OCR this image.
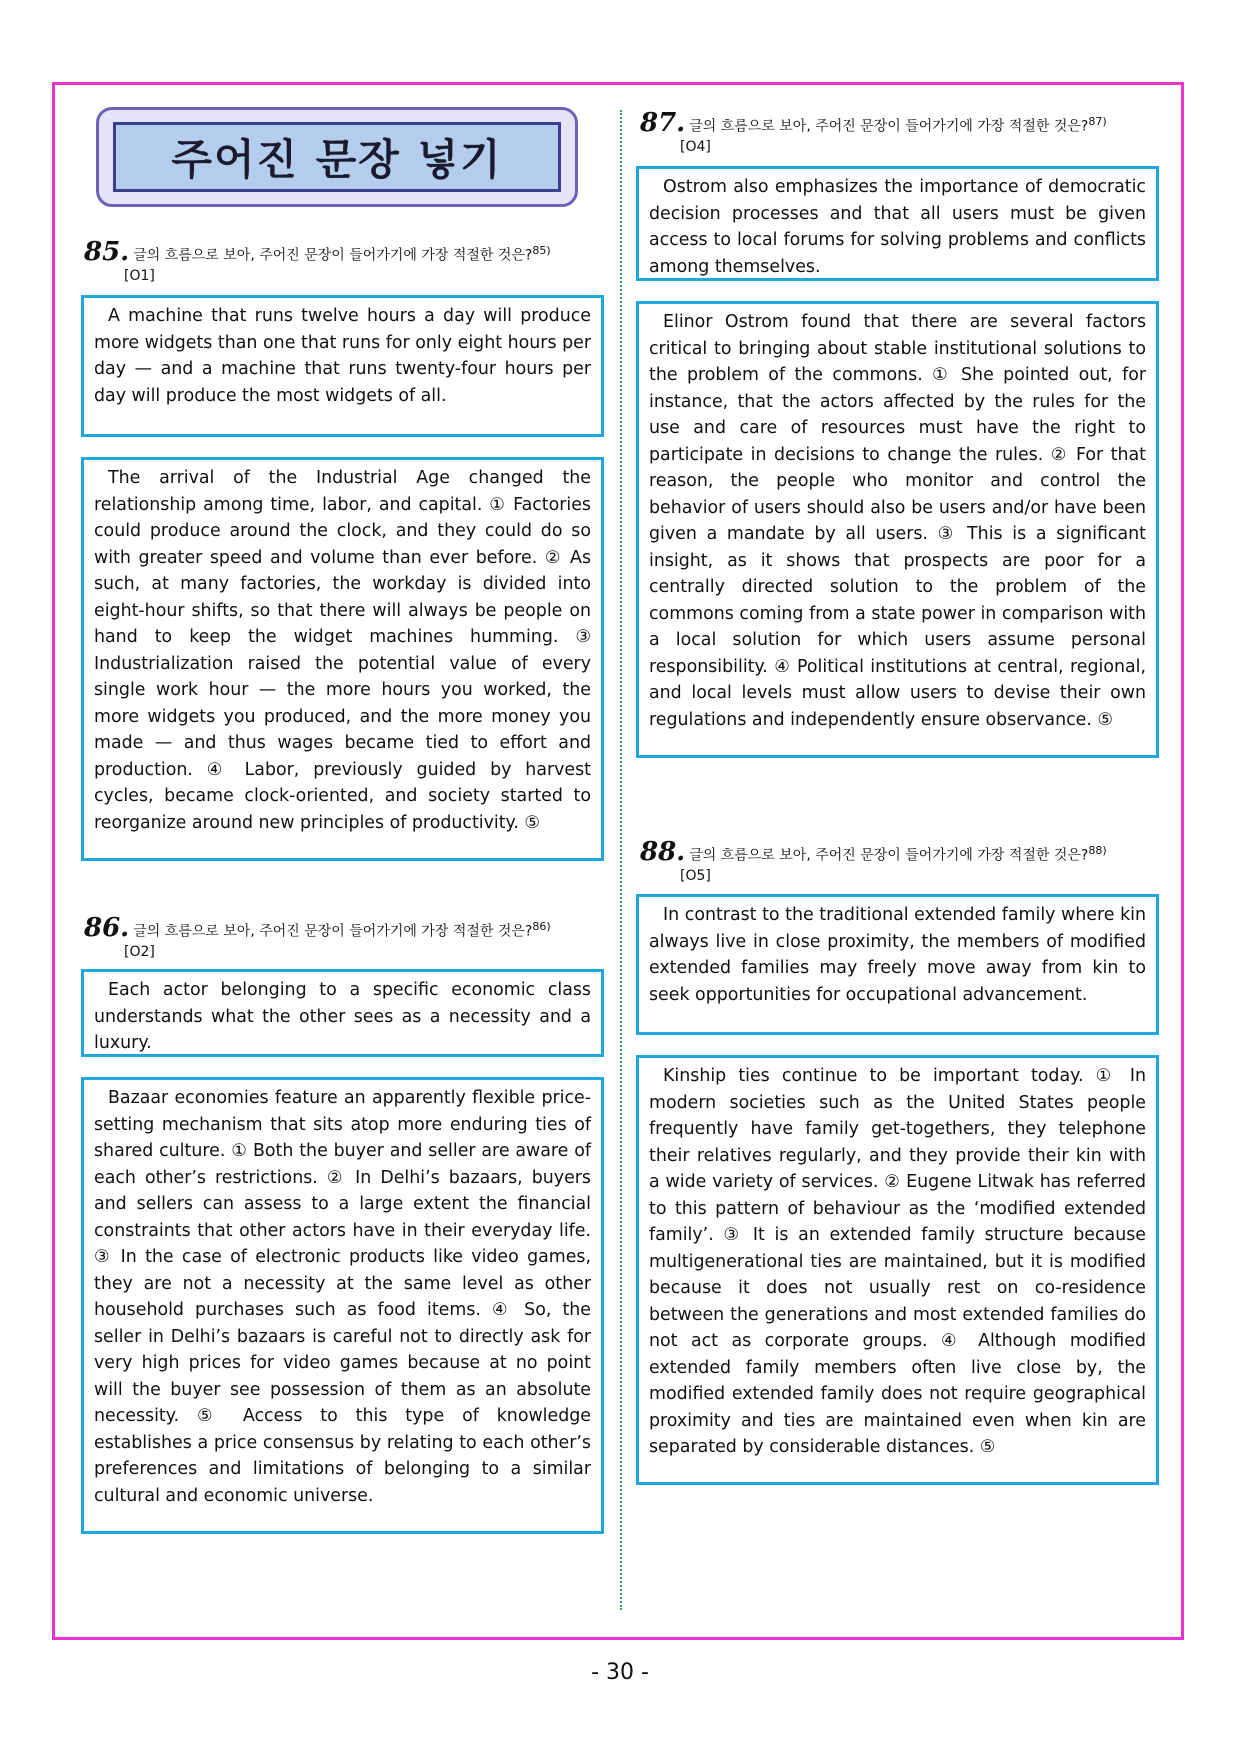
주어진 문장 넣기
85. 글의 흐름으로 보아, 주어진 문장이 들어가기에 가장 적절한 것은?$^{85)}$
[O1]

A machine that runs twelve hours a day will produce more widgets than one that runs for only eight hours per day — and a machine that runs twenty-four hours per day will produce the most widgets of all.

The arrival of the Industrial Age changed the relationship among time, labor, and capital. ① Factories could produce around the clock, and they could do so with greater speed and volume than ever before. ② As such, at many factories, the workday is divided into eight-hour shifts, so that there will always be people on hand to keep the widget machines humming. ③ Industrialization raised the potential value of every single work hour — the more hours you worked, the more widgets you produced, and the more money you made — and thus wages became tied to effort and production. ④ Labor, previously guided by harvest cycles, became clock-oriented, and society started to reorganize around new principles of productivity. ⑤

86. 글의 흐름으로 보아, 주어진 문장이 들어가기에 가장 적절한 것은?$^{86)}$
[O2]

Each actor belonging to a specific economic class understands what the other sees as a necessity and a luxury.

Bazaar economies feature an apparently flexible price-setting mechanism that sits atop more enduring ties of shared culture. ① Both the buyer and seller are aware of each other’s restrictions. ② In Delhi’s bazaars, buyers and sellers can assess to a large extent the financial constraints that other actors have in their everyday life. ③ In the case of electronic products like video games, they are not a necessity at the same level as other household purchases such as food items. ④ So, the seller in Delhi’s bazaars is careful not to directly ask for very high prices for video games because at no point will the buyer see possession of them as an absolute necessity. ⑤ Access to this type of knowledge establishes a price consensus by relating to each other’s preferences and limitations of belonging to a similar cultural and economic universe.

87. 글의 흐름으로 보아, 주어진 문장이 들어가기에 가장 적절한 것은?$^{87)}$
[O4]

Ostrom also emphasizes the importance of democratic decision processes and that all users must be given access to local forums for solving problems and conflicts among themselves.

Elinor Ostrom found that there are several factors critical to bringing about stable institutional solutions to the problem of the commons. ① She pointed out, for instance, that the actors affected by the rules for the use and care of resources must have the right to participate in decisions to change the rules. ② For that reason, the people who monitor and control the behavior of users should also be users and/or have been given a mandate by all users. ③ This is a significant insight, as it shows that prospects are poor for a centrally directed solution to the problem of the commons coming from a state power in comparison with a local solution for which users assume personal responsibility. ④ Political institutions at central, regional, and local levels must allow users to devise their own regulations and independently ensure observance. ⑤

88. 글의 흐름으로 보아, 주어진 문장이 들어가기에 가장 적절한 것은?$^{88)}$
[O5]

In contrast to the traditional extended family where kin always live in close proximity, the members of modified extended families may freely move away from kin to seek opportunities for occupational advancement.

Kinship ties continue to be important today. ① In modern societies such as the United States people frequently have family get-togethers, they telephone their relatives regularly, and they provide their kin with a wide variety of services. ② Eugene Litwak has referred to this pattern of behaviour as the ‘modified extended family’. ③ It is an extended family structure because multigenerational ties are maintained, but it is modified because it does not usually rest on co-residence between the generations and most extended families do not act as corporate groups. ④ Although modified extended family members often live close by, the modified extended family does not require geographical proximity and ties are maintained even when kin are separated by considerable distances. ⑤

- 30 -
